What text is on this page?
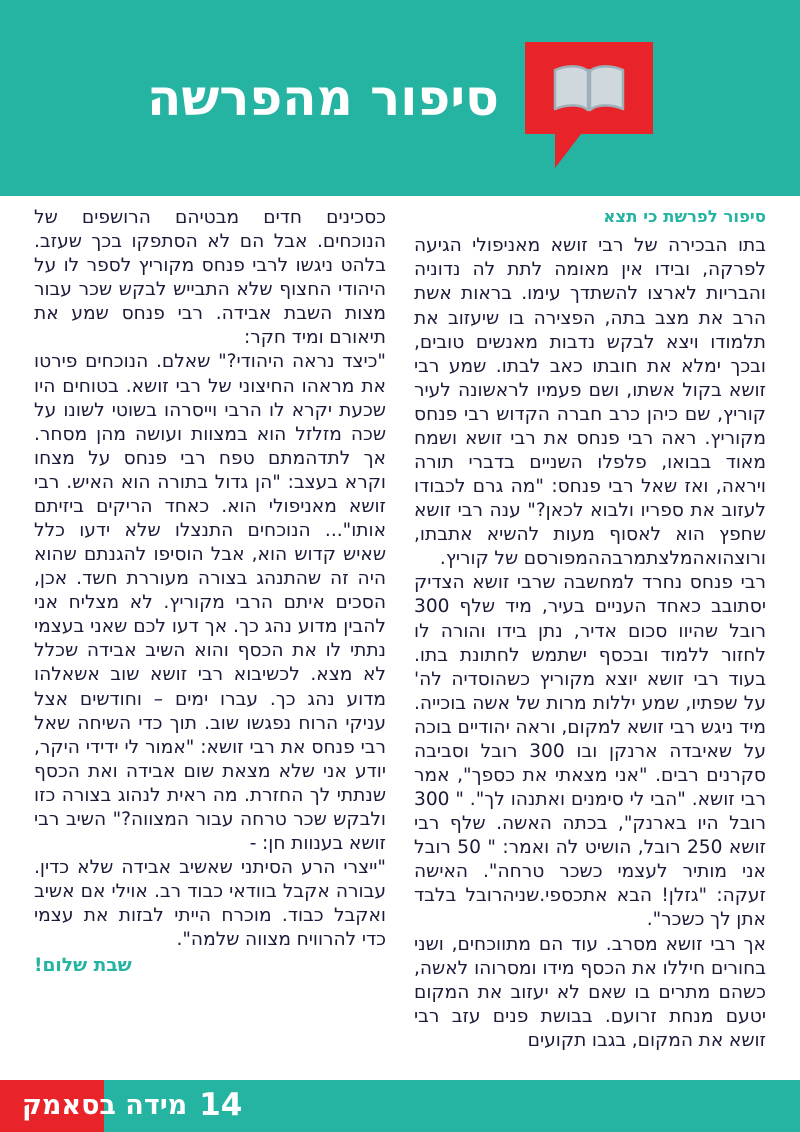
סיפור מהפרשה

סיפור לפרשת כי תצא

בתו הבכירה של רבי זושא מאניפולי הגיעה לפרקה, ובידו אין מאומה לתת לה נדוניה והבריות לארצו להשתדך עימו. בראות אשת הרב את מצב בתה, הפצירה בו שיעזוב את תלמודו ויצא לבקש נדבות מאנשים טובים, ובכך ימלא את חובתו כאב לבתו. שמע רבי זושא בקול אשתו, ושם פעמיו לראשונה לעיר קוריץ, שם כיהן כרב חברה הקדוש רבי פנחס מקוריץ. ראה רבי פנחס את רבי זושא ושמח מאוד בבואו, פלפלו השניים בדברי תורה ויראה, ואז שאל רבי פנחס: "מה גרם לכבודו לעזוב את ספריו ולבוא לכאן?" ענה רבי זושא שחפץ הוא לאסוף מעות להשיא אתבתו, ורוצהואהמלצתמרבההמפורסם של קוריץ.

רבי פנחס נחרד למחשבה שרבי זושא הצדיק יסתובב כאחד העניים בעיר, מיד שלף 300 רובל שהיוו סכום אדיר, נתן בידו והורה לו לחזור ללמוד ובכסף ישתמש לחתונת בתו. בעוד רבי זושא יוצא מקוריץ כשהוסדיה לה' על שפתיו, שמע יללות מרות של אשה בוכייה. מיד ניגש רבי זושא למקום, וראה יהודיים בוכה על שאיבדה ארנקן ובו 300 רובל וסביבה סקרנים רבים. "אני מצאתי את כספך", אמר רבי זושא. "הבי לי סימנים ואתנהו לך". " 300 רובל היו בארנק", בכתה האשה. שלף רבי זושא 250 רובל, הושיט לה ואמר: " 50 רובל אני מותיר לעצמי כשכר טרחה". האישה זעקה: "גזלן! הבא אתכספי.שניהרובל בלבד אתן לך כשכר".

אך רבי זושא מסרב. עוד הם מתווכחים, ושני בחורים חיללו את הכסף מידו ומסרוהו לאשה, כשהם מתרים בו שאם לא יעזוב את המקום יטעם מנחת זרועם. בבושת פנים עזב רבי זושא את המקום, בגבו תקועים

כסכינים חדים מבטיהם הרושפים של הנוכחים. אבל הם לא הסתפקו בכך שעזב. בלהט ניגשו לרבי פנחס מקוריץ לספר לו על היהודי החצוף שלא התבייש לבקש שכר עבור מצות השבת אבידה. רבי פנחס שמע את תיאורם ומיד חקר:

"כיצד נראה היהודי?" שאלם. הנוכחים פירטו את מראהו החיצוני של רבי זושא. בטוחים היו שכעת יקרא לו הרבי וייסרהו בשוטי לשונו על שכה מזלזל הוא במצוות ועושה מהן מסחר. אך לתדהמתם טפח רבי פנחס על מצחו וקרא בעצב: "הן גדול בתורה הוא האיש. רבי זושא מאניפולי הוא. כאחד הריקים ביזיתם אותו"... הנוכחים התנצלו שלא ידעו כלל שאיש קדוש הוא, אבל הוסיפו להגנתם שהוא היה זה שהתנהג בצורה מעוררת חשד. אכן, הסכים איתם הרבי מקוריץ. לא מצליח אני להבין מדוע נהג כך. אך דעו לכם שאני בעצמי נתתי לו את הכסף והוא השיב אבידה שכלל לא מצא. לכשיבוא רבי זושא שוב אשאלהו מדוע נהג כך. עברו ימים – וחודשים אצל עניקי הרוח נפגשו שוב. תוך כדי השיחה שאל רבי פנחס את רבי זושא: "אמור לי ידידי היקר, יודע אני שלא מצאת שום אבידה ואת הכסף שנתתי לך החזרת. מה ראית לנהוג בצורה כזו ולבקש שכר טרחה עבור המצווה?" השיב רבי זושא בענוות חן: -

"ייצרי הרע הסיתני שאשיב אבידה שלא כדין. עבורה אקבל בוודאי כבוד רב. אוילי אם אשיב ואקבל כבוד. מוכרח הייתי לבזות את עצמי כדי להרוויח מצווה שלמה".

שבת שלום!

מידה בסאמק 14
